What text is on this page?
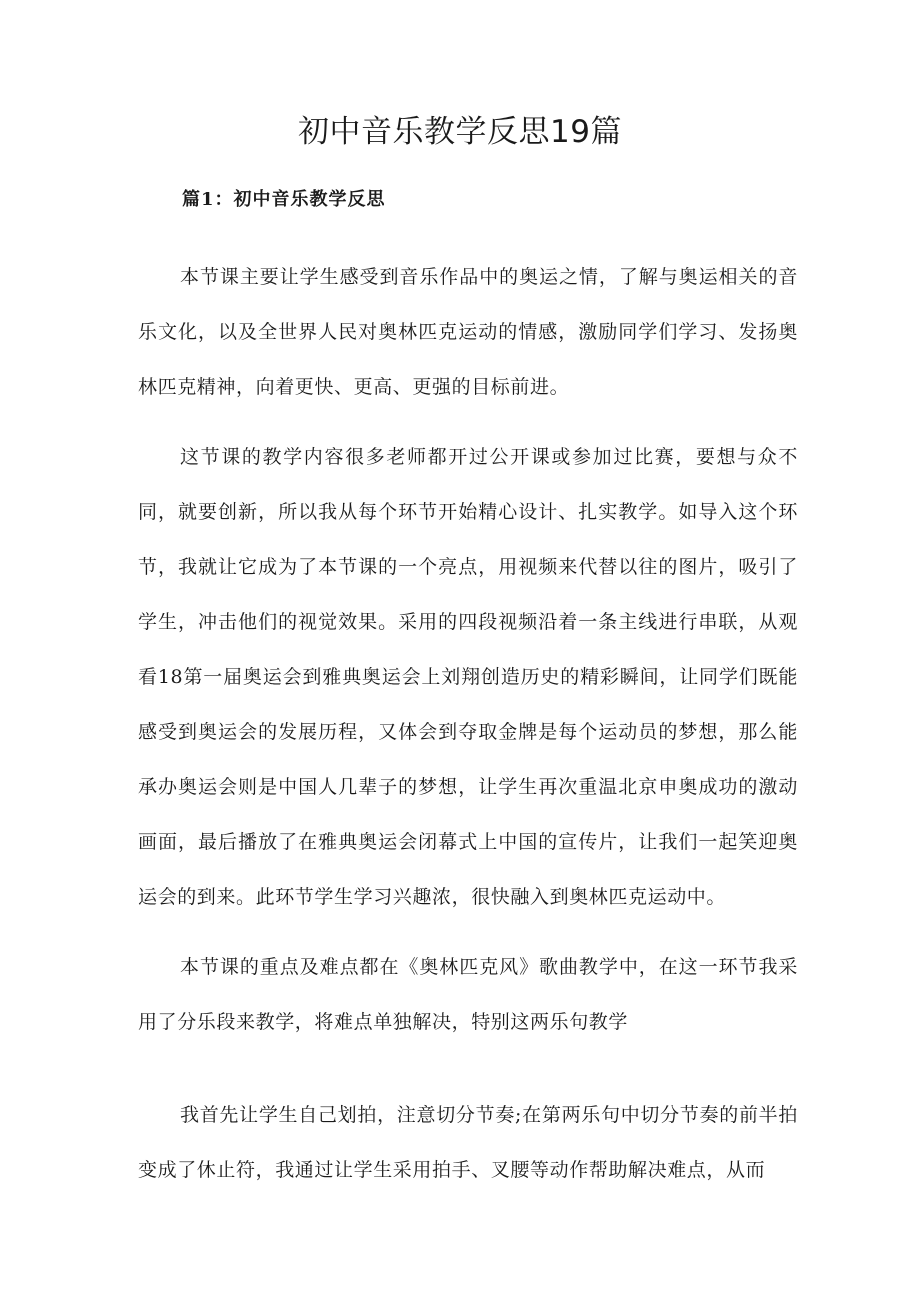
初中音乐教学反思19篇
篇1：初中音乐教学反思

本节课主要让学生感受到音乐作品中的奥运之情，了解与奥运相关的音乐文化，以及全世界人民对奥林匹克运动的情感，激励同学们学习、发扬奥林匹克精神，向着更快、更高、更强的目标前进。

这节课的教学内容很多老师都开过公开课或参加过比赛，要想与众不同，就要创新，所以我从每个环节开始精心设计、扎实教学。如导入这个环节，我就让它成为了本节课的一个亮点，用视频来代替以往的图片，吸引了学生，冲击他们的视觉效果。采用的四段视频沿着一条主线进行串联，从观看18第一届奥运会到雅典奥运会上刘翔创造历史的精彩瞬间，让同学们既能感受到奥运会的发展历程，又体会到夺取金牌是每个运动员的梦想，那么能承办奥运会则是中国人几辈子的梦想，让学生再次重温北京申奥成功的激动画面，最后播放了在雅典奥运会闭幕式上中国的宣传片，让我们一起笑迎奥运会的到来。此环节学生学习兴趣浓，很快融入到奥林匹克运动中。

本节课的重点及难点都在《奥林匹克风》歌曲教学中，在这一环节我采用了分乐段来教学，将难点单独解决，特别这两乐句教学

我首先让学生自己划拍，注意切分节奏;在第两乐句中切分节奏的前半拍变成了休止符，我通过让学生采用拍手、叉腰等动作帮助解决难点，从而
